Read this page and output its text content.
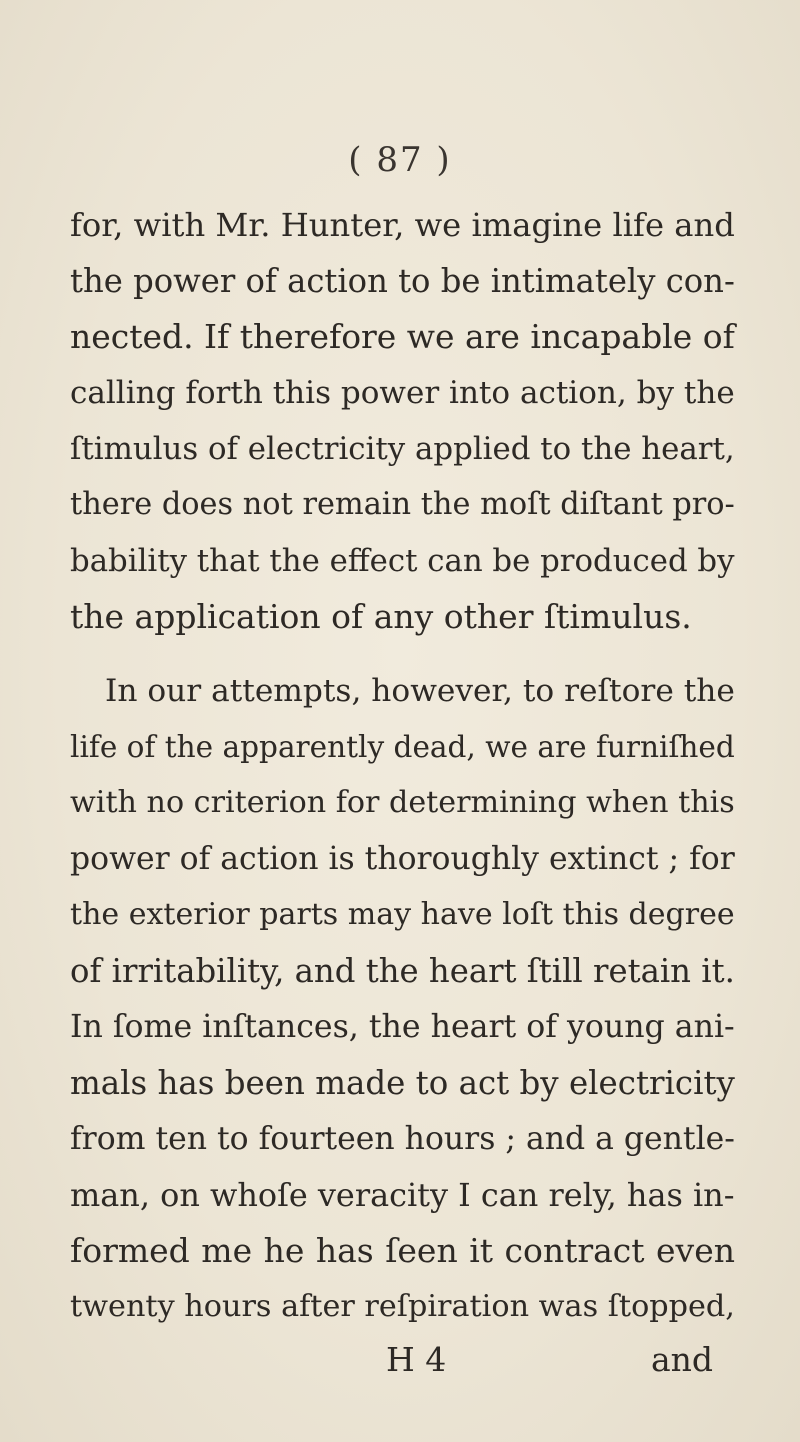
( 87 )
for, with Mr. Hunter, we imagine life and
the power of action to be intimately con-
nected. If therefore we are incapable of
calling forth this power into action, by the
ſtimulus of electricity applied to the heart,
there does not remain the moſt diſtant pro-
bability that the effect can be produced by
the application of any other ſtimulus.
In our attempts, however, to reſtore the
life of the apparently dead, we are furniſhed
with no criterion for determining when this
power of action is thoroughly extinct ; for
the exterior parts may have loſt this degree
of irritability, and the heart ſtill retain it.
In ſome inſtances, the heart of young ani-
mals has been made to act by electricity
from ten to fourteen hours ; and a gentle-
man, on whoſe veracity I can rely, has in-
formed me he has ſeen it contract even
twenty hours after reſpiration was ſtopped,
H 4	and
